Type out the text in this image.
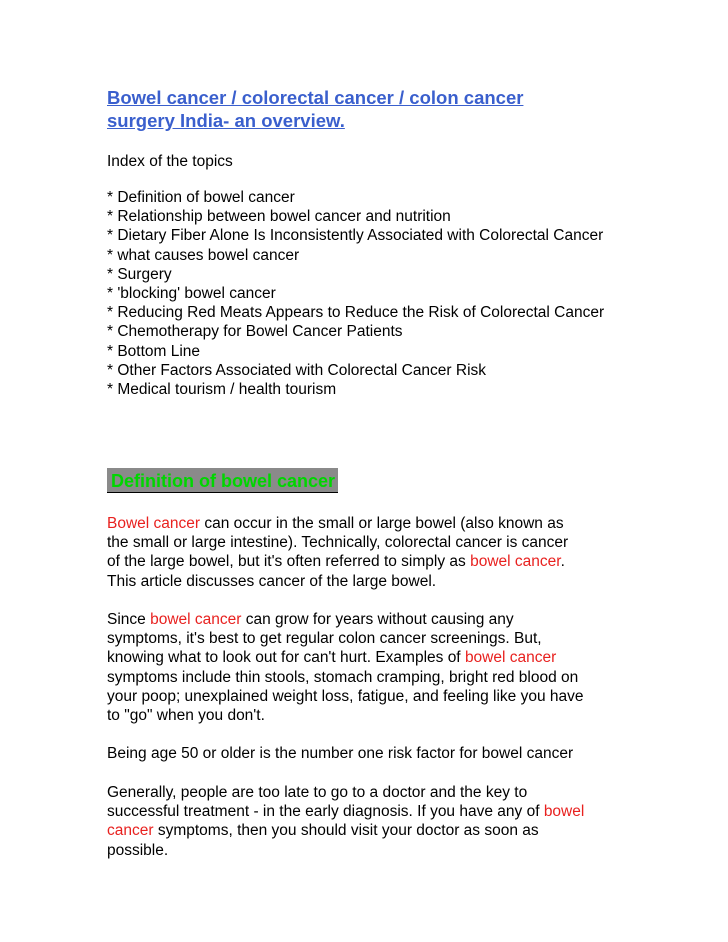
Bowel cancer / colorectal cancer / colon cancer
surgery India- an overview.

Index of the topics

* Definition of bowel cancer
* Relationship between bowel cancer and nutrition
* Dietary Fiber Alone Is Inconsistently Associated with Colorectal Cancer
* what causes bowel cancer
* Surgery
* 'blocking' bowel cancer
* Reducing Red Meats Appears to Reduce the Risk of Colorectal Cancer
* Chemotherapy for Bowel Cancer Patients
* Bottom Line
* Other Factors Associated with Colorectal Cancer Risk
* Medical tourism / health tourism
Definition of bowel cancer

Bowel cancer can occur in the small or large bowel (also known as
the small or large intestine). Technically, colorectal cancer is cancer
of the large bowel, but it's often referred to simply as bowel cancer.
This article discusses cancer of the large bowel.

Since bowel cancer can grow for years without causing any
symptoms, it's best to get regular colon cancer screenings. But,
knowing what to look out for can't hurt. Examples of bowel cancer
symptoms include thin stools, stomach cramping, bright red blood on
your poop; unexplained weight loss, fatigue, and feeling like you have
to "go" when you don't.

Being age 50 or older is the number one risk factor for bowel cancer

Generally, people are too late to go to a doctor and the key to
successful treatment - in the early diagnosis. If you have any of bowel
cancer symptoms, then you should visit your doctor as soon as
possible.
